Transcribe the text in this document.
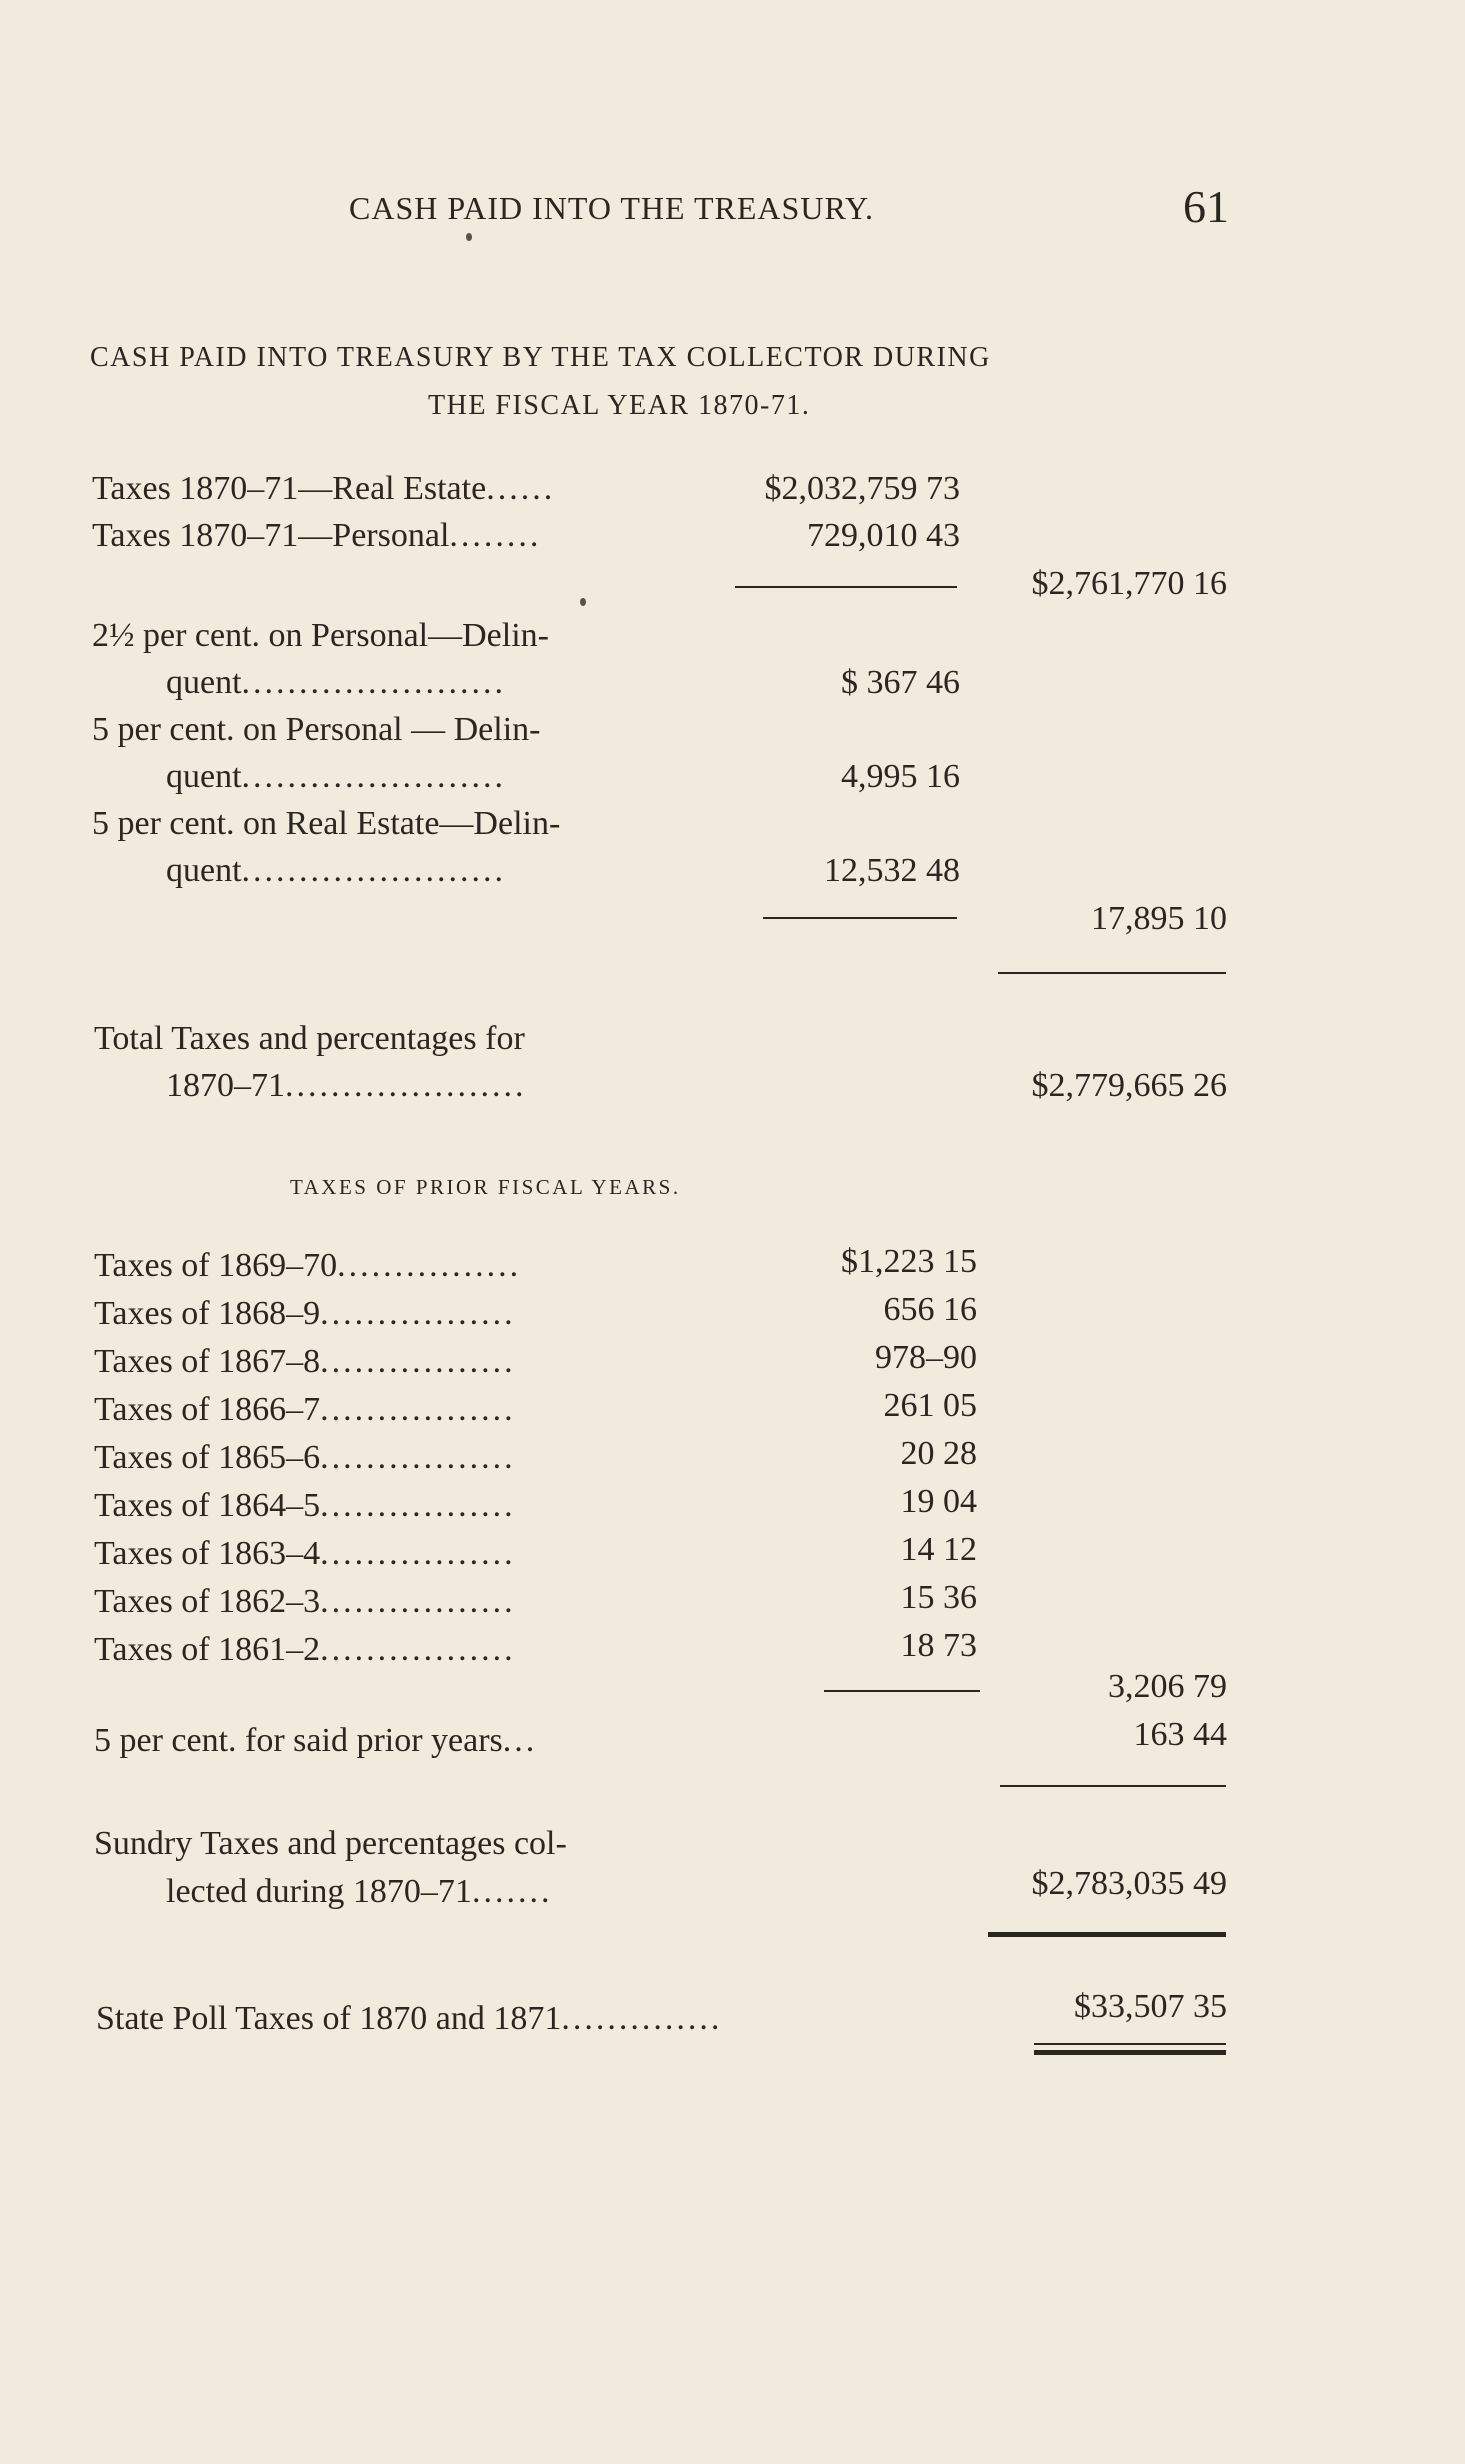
CASH PAID INTO THE TREASURY.	61
CASH PAID INTO TREASURY BY THE TAX COLLECTOR DURING
THE FISCAL YEAR 1870-71.
Taxes 1870–71—Real Estate......	$2,032,759 73
Taxes 1870–71—Personal........	729,010 43
$2,761,770 16
2½ per cent. on Personal—Delin-
quent.......................	$ 367 46
5 per cent. on Personal — Delin-
quent.......................	4,995 16
5 per cent. on Real Estate—Delin-
quent.......................	12,532 48
17,895 10
Total Taxes and percentages for
1870–71.....................	$2,779,665 26
TAXES OF PRIOR FISCAL YEARS.
Taxes of 1869–70................	$1,223 15
Taxes of 1868–9.................	656 16
Taxes of 1867–8.................	978–90
Taxes of 1866–7.................	261 05
Taxes of 1865–6.................	20 28
Taxes of 1864–5.................	19 04
Taxes of 1863–4.................	14 12
Taxes of 1862–3.................	15 36
Taxes of 1861–2.................	18 73
3,206 79
5 per cent. for said prior years...	163 44
Sundry Taxes and percentages col-
lected during 1870–71.......	$2,783,035 49
State Poll Taxes of 1870 and 1871..............	$33,507 35
